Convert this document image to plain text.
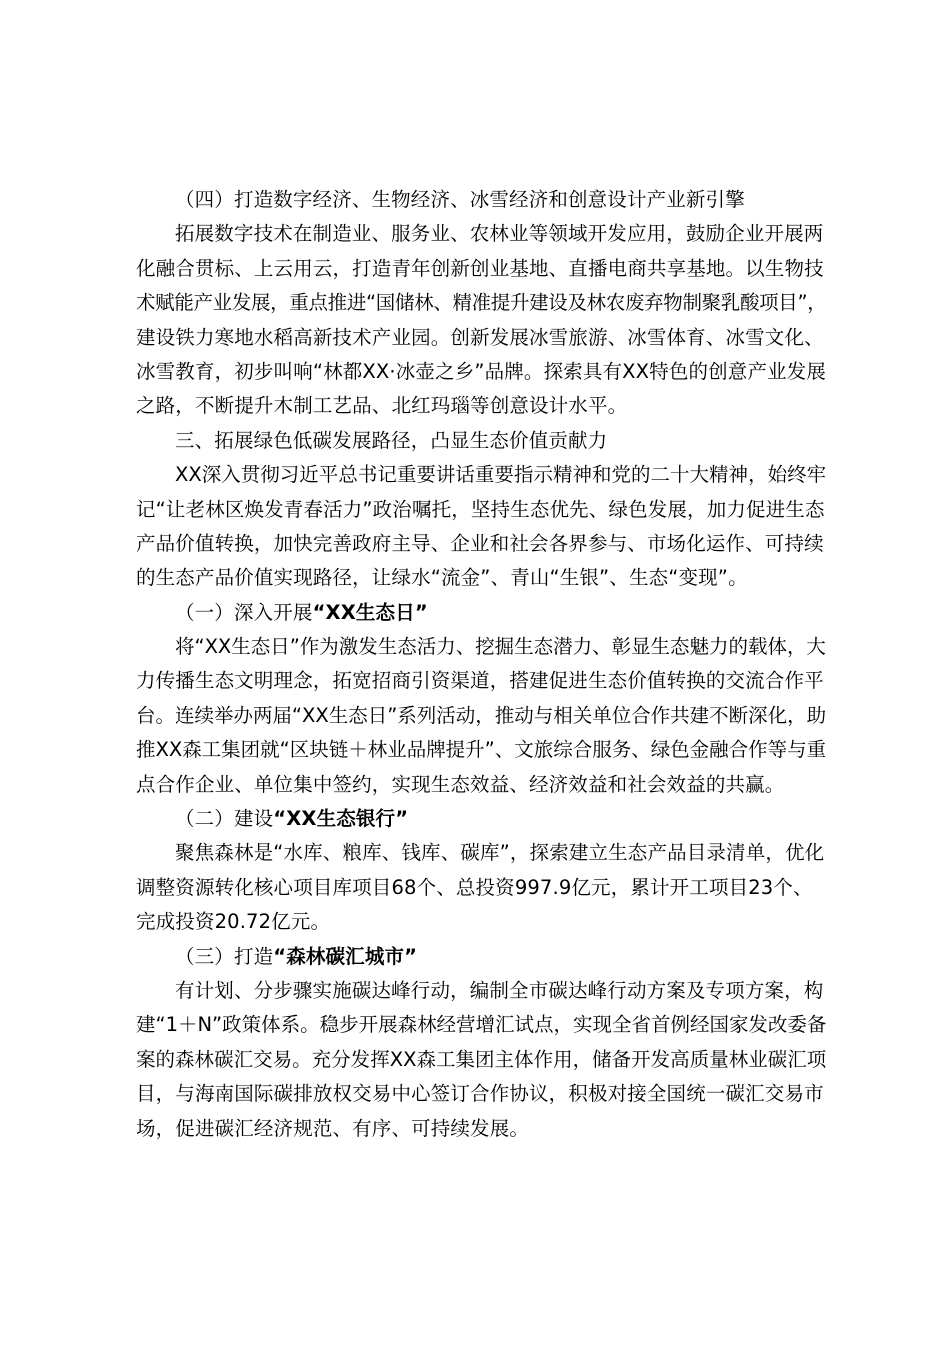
（四）打造数字经济、生物经济、冰雪经济和创意设计产业新引擎
拓展数字技术在制造业、服务业、农林业等领域开发应用，鼓励企业开展两
化融合贯标、上云用云，打造青年创新创业基地、直播电商共享基地。以生物技
术赋能产业发展，重点推进“国储林、精准提升建设及林农废弃物制聚乳酸项目”，
建设铁力寒地水稻高新技术产业园。创新发展冰雪旅游、冰雪体育、冰雪文化、
冰雪教育，初步叫响“林都XX·冰壶之乡”品牌。探索具有XX特色的创意产业发展
之路，不断提升木制工艺品、北红玛瑙等创意设计水平。
三、拓展绿色低碳发展路径，凸显生态价值贡献力
XX深入贯彻习近平总书记重要讲话重要指示精神和党的二十大精神，始终牢
记“让老林区焕发青春活力”政治嘱托，坚持生态优先、绿色发展，加力促进生态
产品价值转换，加快完善政府主导、企业和社会各界参与、市场化运作、可持续
的生态产品价值实现路径，让绿水“流金”、青山“生银”、生态“变现”。
（一）深入开展“XX生态日”
将“XX生态日”作为激发生态活力、挖掘生态潜力、彰显生态魅力的载体，大
力传播生态文明理念，拓宽招商引资渠道，搭建促进生态价值转换的交流合作平
台。连续举办两届“XX生态日”系列活动，推动与相关单位合作共建不断深化，助
推XX森工集团就“区块链＋林业品牌提升”、文旅综合服务、绿色金融合作等与重
点合作企业、单位集中签约，实现生态效益、经济效益和社会效益的共赢。
（二）建设“XX生态银行”
聚焦森林是“水库、粮库、钱库、碳库”，探索建立生态产品目录清单，优化
调整资源转化核心项目库项目68个、总投资997.9亿元，累计开工项目23个、
完成投资20.72亿元。
（三）打造“森林碳汇城市”
有计划、分步骤实施碳达峰行动，编制全市碳达峰行动方案及专项方案，构
建“1＋N”政策体系。稳步开展森林经营增汇试点，实现全省首例经国家发改委备
案的森林碳汇交易。充分发挥XX森工集团主体作用，储备开发高质量林业碳汇项
目，与海南国际碳排放权交易中心签订合作协议，积极对接全国统一碳汇交易市
场，促进碳汇经济规范、有序、可持续发展。
